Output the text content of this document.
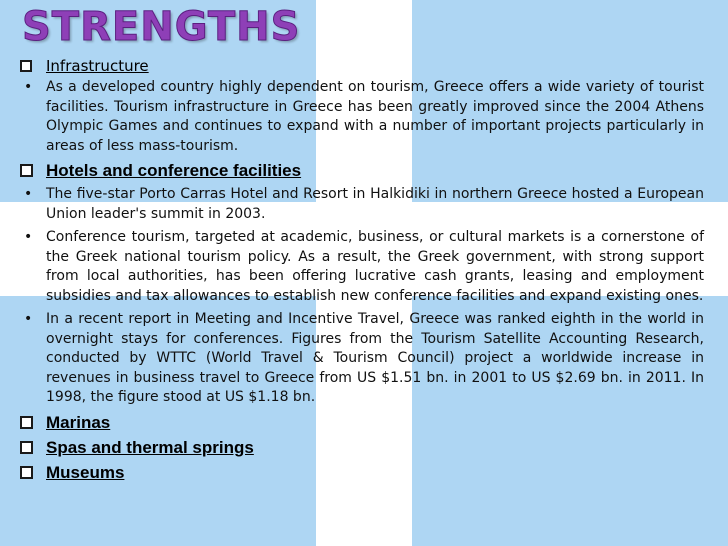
STRENGTHS
Infrastructure
• As a developed country highly dependent on tourism, Greece offers a wide variety of tourist facilities. Tourism infrastructure in Greece has been greatly improved since the 2004 Athens Olympic Games and continues to expand with a number of important projects particularly in areas of less mass-tourism.
Hotels and conference facilities
• The five-star Porto Carras Hotel and Resort in Halkidiki in northern Greece hosted a European Union leader's summit in 2003.
• Conference tourism, targeted at academic, business, or cultural markets is a cornerstone of the Greek national tourism policy. As a result, the Greek government, with strong support from local authorities, has been offering lucrative cash grants, leasing and employment subsidies and tax allowances to establish new conference facilities and expand existing ones.
• In a recent report in Meeting and Incentive Travel, Greece was ranked eighth in the world in overnight stays for conferences. Figures from the Tourism Satellite Accounting Research, conducted by WTTC (World Travel & Tourism Council) project a worldwide increase in revenues in business travel to Greece from US $1.51 bn. in 2001 to US $2.69 bn. in 2011. In 1998, the figure stood at US $1.18 bn.
Marinas
Spas and thermal springs
Museums
